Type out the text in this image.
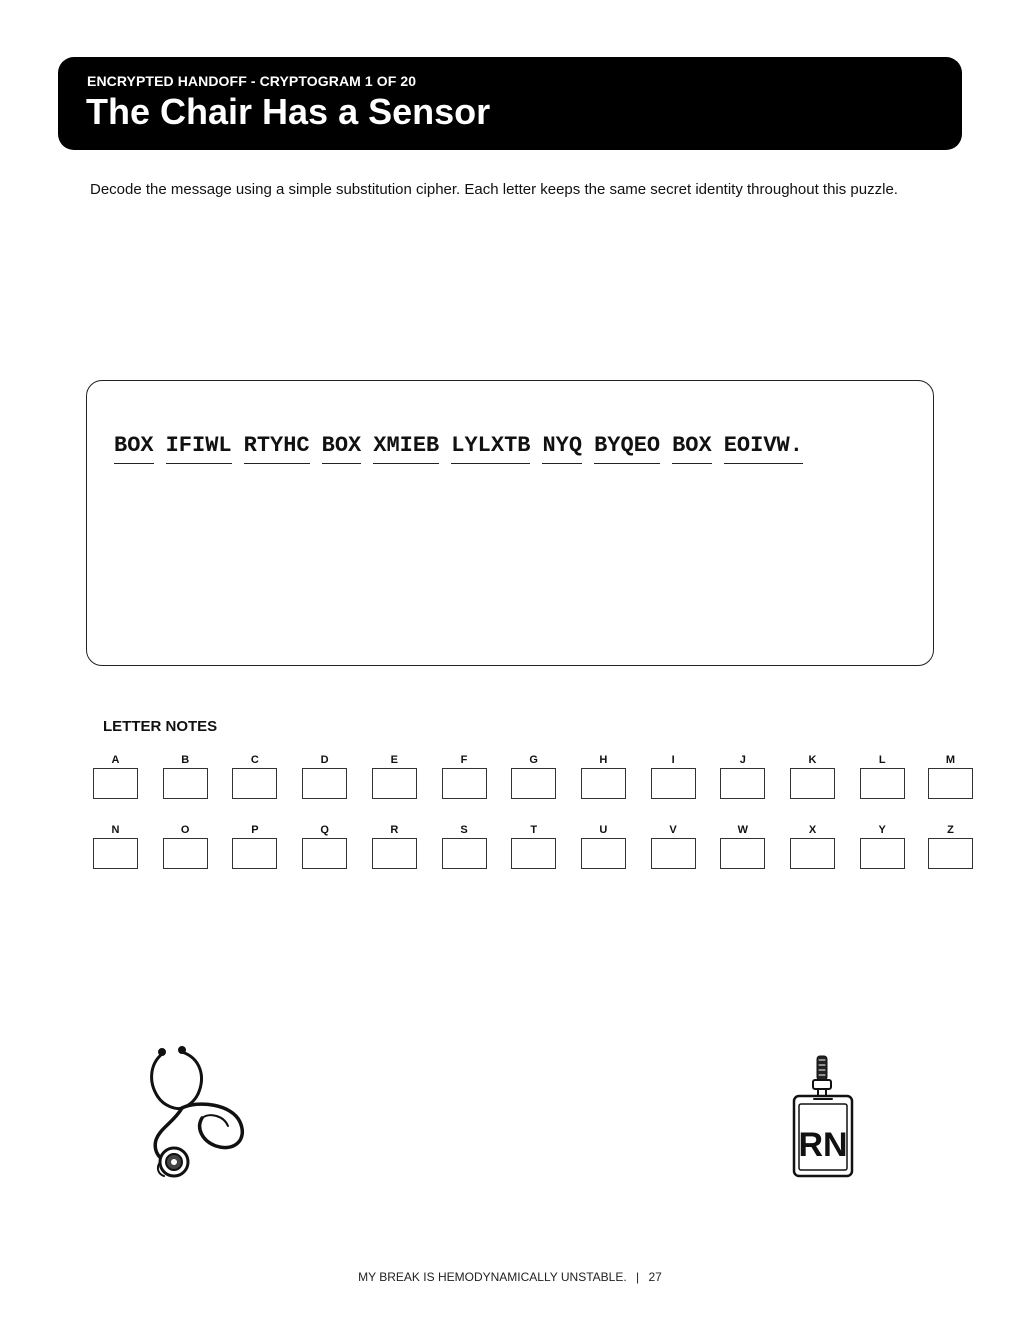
ENCRYPTED HANDOFF - CRYPTOGRAM 1 OF 20
The Chair Has a Sensor
Decode the message using a simple substitution cipher. Each letter keeps the same secret identity throughout this puzzle.
BOX IFIWL RTYHC BOX XMIEB LYLXTB NYQ BYQEO BOX EOIVW.
LETTER NOTES
A	B	C	D	E	F	G	H	I	J	K	L	M
N	O	P	Q	R	S	T	U	V	W	X	Y	Z
RN
MY BREAK IS HEMODYNAMICALLY UNSTABLE. | 27
